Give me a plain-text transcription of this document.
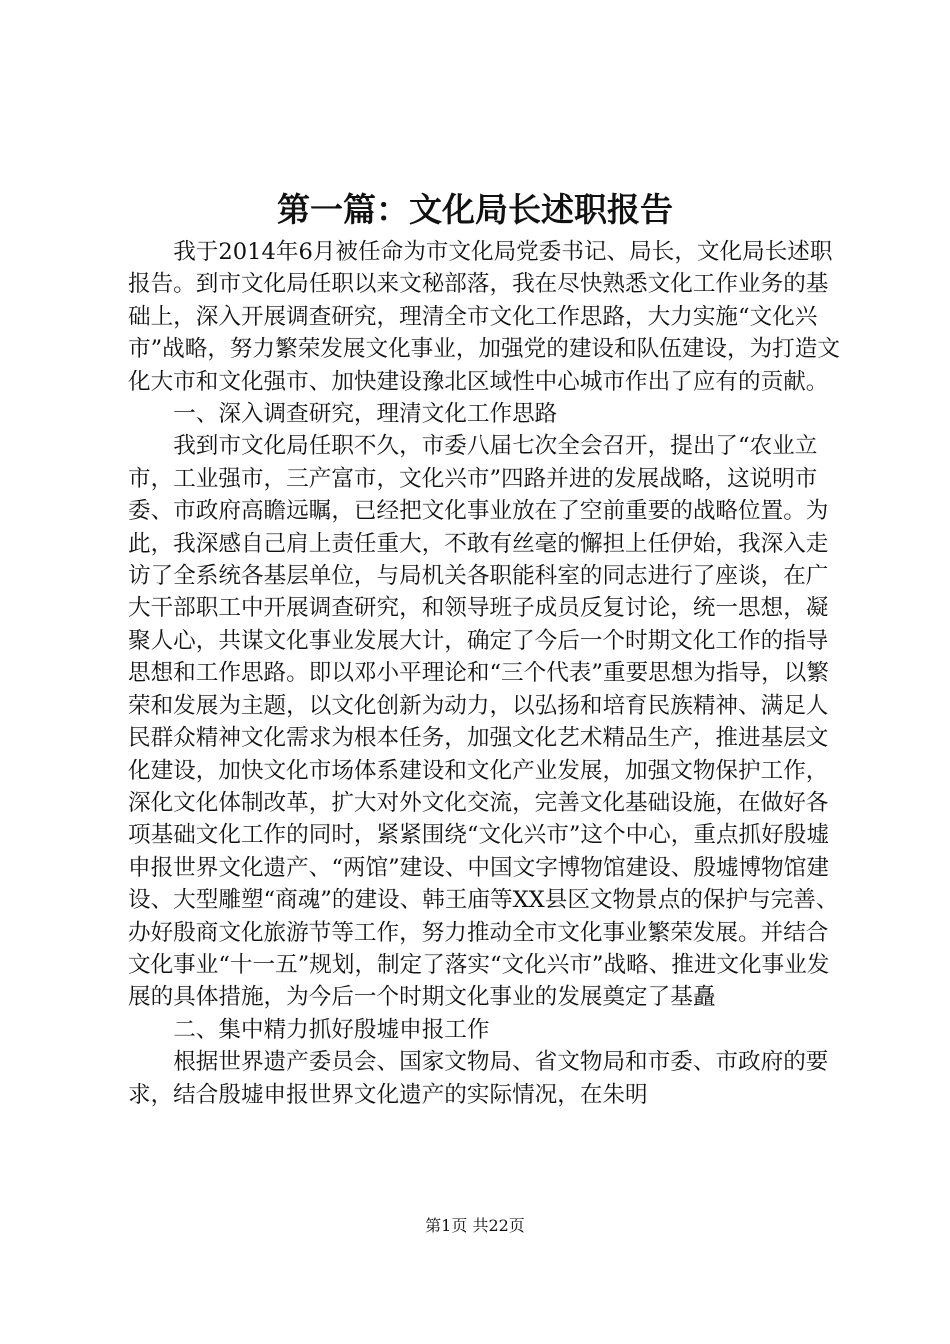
第一篇：文化局长述职报告

我于2014年6月被任命为市文化局党委书记、局长，文化局长述职报告。到市文化局任职以来文秘部落，我在尽快熟悉文化工作业务的基础上，深入开展调查研究，理清全市文化工作思路，大力实施“文化兴市”战略，努力繁荣发展文化事业，加强党的建设和队伍建设，为打造文化大市和文化强市、加快建设豫北区域性中心城市作出了应有的贡献。

一、深入调查研究，理清文化工作思路

我到市文化局任职不久，市委八届七次全会召开，提出了“农业立市，工业强市，三产富市，文化兴市”四路并进的发展战略，这说明市委、市政府高瞻远瞩，已经把文化事业放在了空前重要的战略位置。为此，我深感自己肩上责任重大，不敢有丝毫的懈担上任伊始，我深入走访了全系统各基层单位，与局机关各职能科室的同志进行了座谈，在广大干部职工中开展调查研究，和领导班子成员反复讨论，统一思想，凝聚人心，共谋文化事业发展大计，确定了今后一个时期文化工作的指导思想和工作思路。即以邓小平理论和“三个代表”重要思想为指导，以繁荣和发展为主题，以文化创新为动力，以弘扬和培育民族精神、满足人民群众精神文化需求为根本任务，加强文化艺术精品生产，推进基层文化建设，加快文化市场体系建设和文化产业发展，加强文物保护工作，深化文化体制改革，扩大对外文化交流，完善文化基础设施，在做好各项基础文化工作的同时，紧紧围绕“文化兴市”这个中心，重点抓好殷墟申报世界文化遗产、“两馆”建设、中国文字博物馆建设、殷墟博物馆建设、大型雕塑“商魂”的建设、韩王庙等XX县区文物景点的保护与完善、办好殷商文化旅游节等工作，努力推动全市文化事业繁荣发展。并结合文化事业“十一五”规划，制定了落实“文化兴市”战略、推进文化事业发展的具体措施，为今后一个时期文化事业的发展奠定了基矗

二、集中精力抓好殷墟申报工作

根据世界遗产委员会、国家文物局、省文物局和市委、市政府的要求，结合殷墟申报世界文化遗产的实际情况，在朱明

第1页 共22页
